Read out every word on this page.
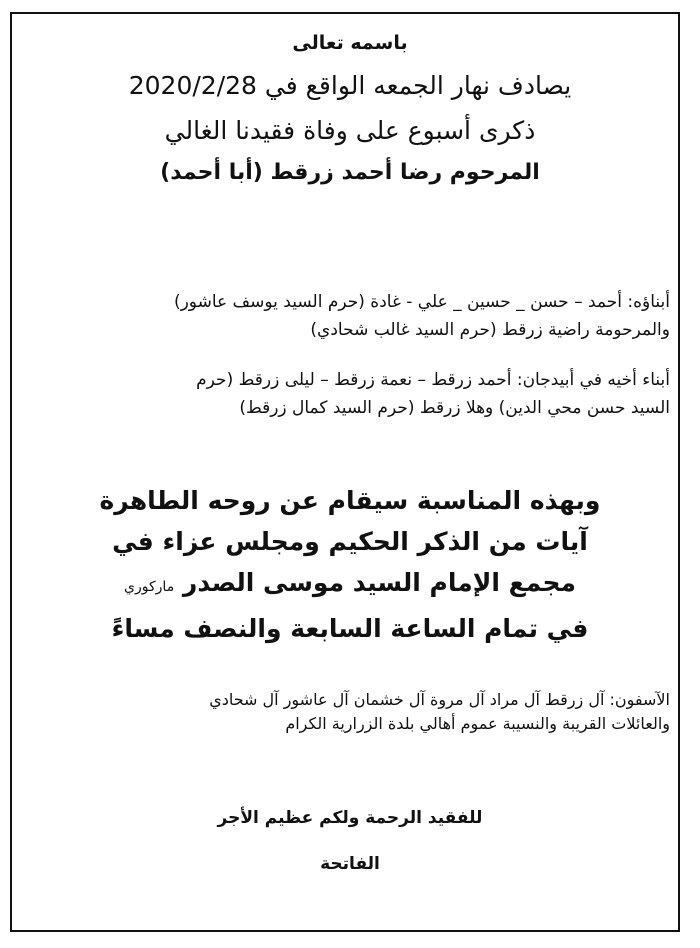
باسمه تعالى
يصادف نهار الجمعه الواقع في 2020/2/28
ذكرى أسبوع على وفاة فقيدنا الغالي
المرحوم رضا أحمد زرقط (أبا أحمد)
أبناؤه: أحمد – حسن _ حسين _ علي - غادة (حرم السيد يوسف عاشور)
والمرحومة راضية زرقط (حرم السيد غالب شحادي)
أبناء أخيه في أبيدجان: أحمد زرقط – نعمة زرقط – ليلى زرقط (حرم
السيد حسن محي الدين) وهلا زرقط (حرم السيد كمال زرقط)
وبهذه المناسبة سيقام عن روحه الطاهرة
آيات من الذكر الحكيم ومجلس عزاء في
مجمع الإمام السيد موسى الصدر ماركوري
في تمام الساعة السابعة والنصف مساءً
الآسفون: آل زرقط آل مراد آل مروة آل خشمان آل عاشور آل شحادي
والعائلات القريبة والنسيبة عموم أهالي بلدة الزرارية الكرام
للفقيد الرحمة ولكم عظيم الأجر
الفاتحة
